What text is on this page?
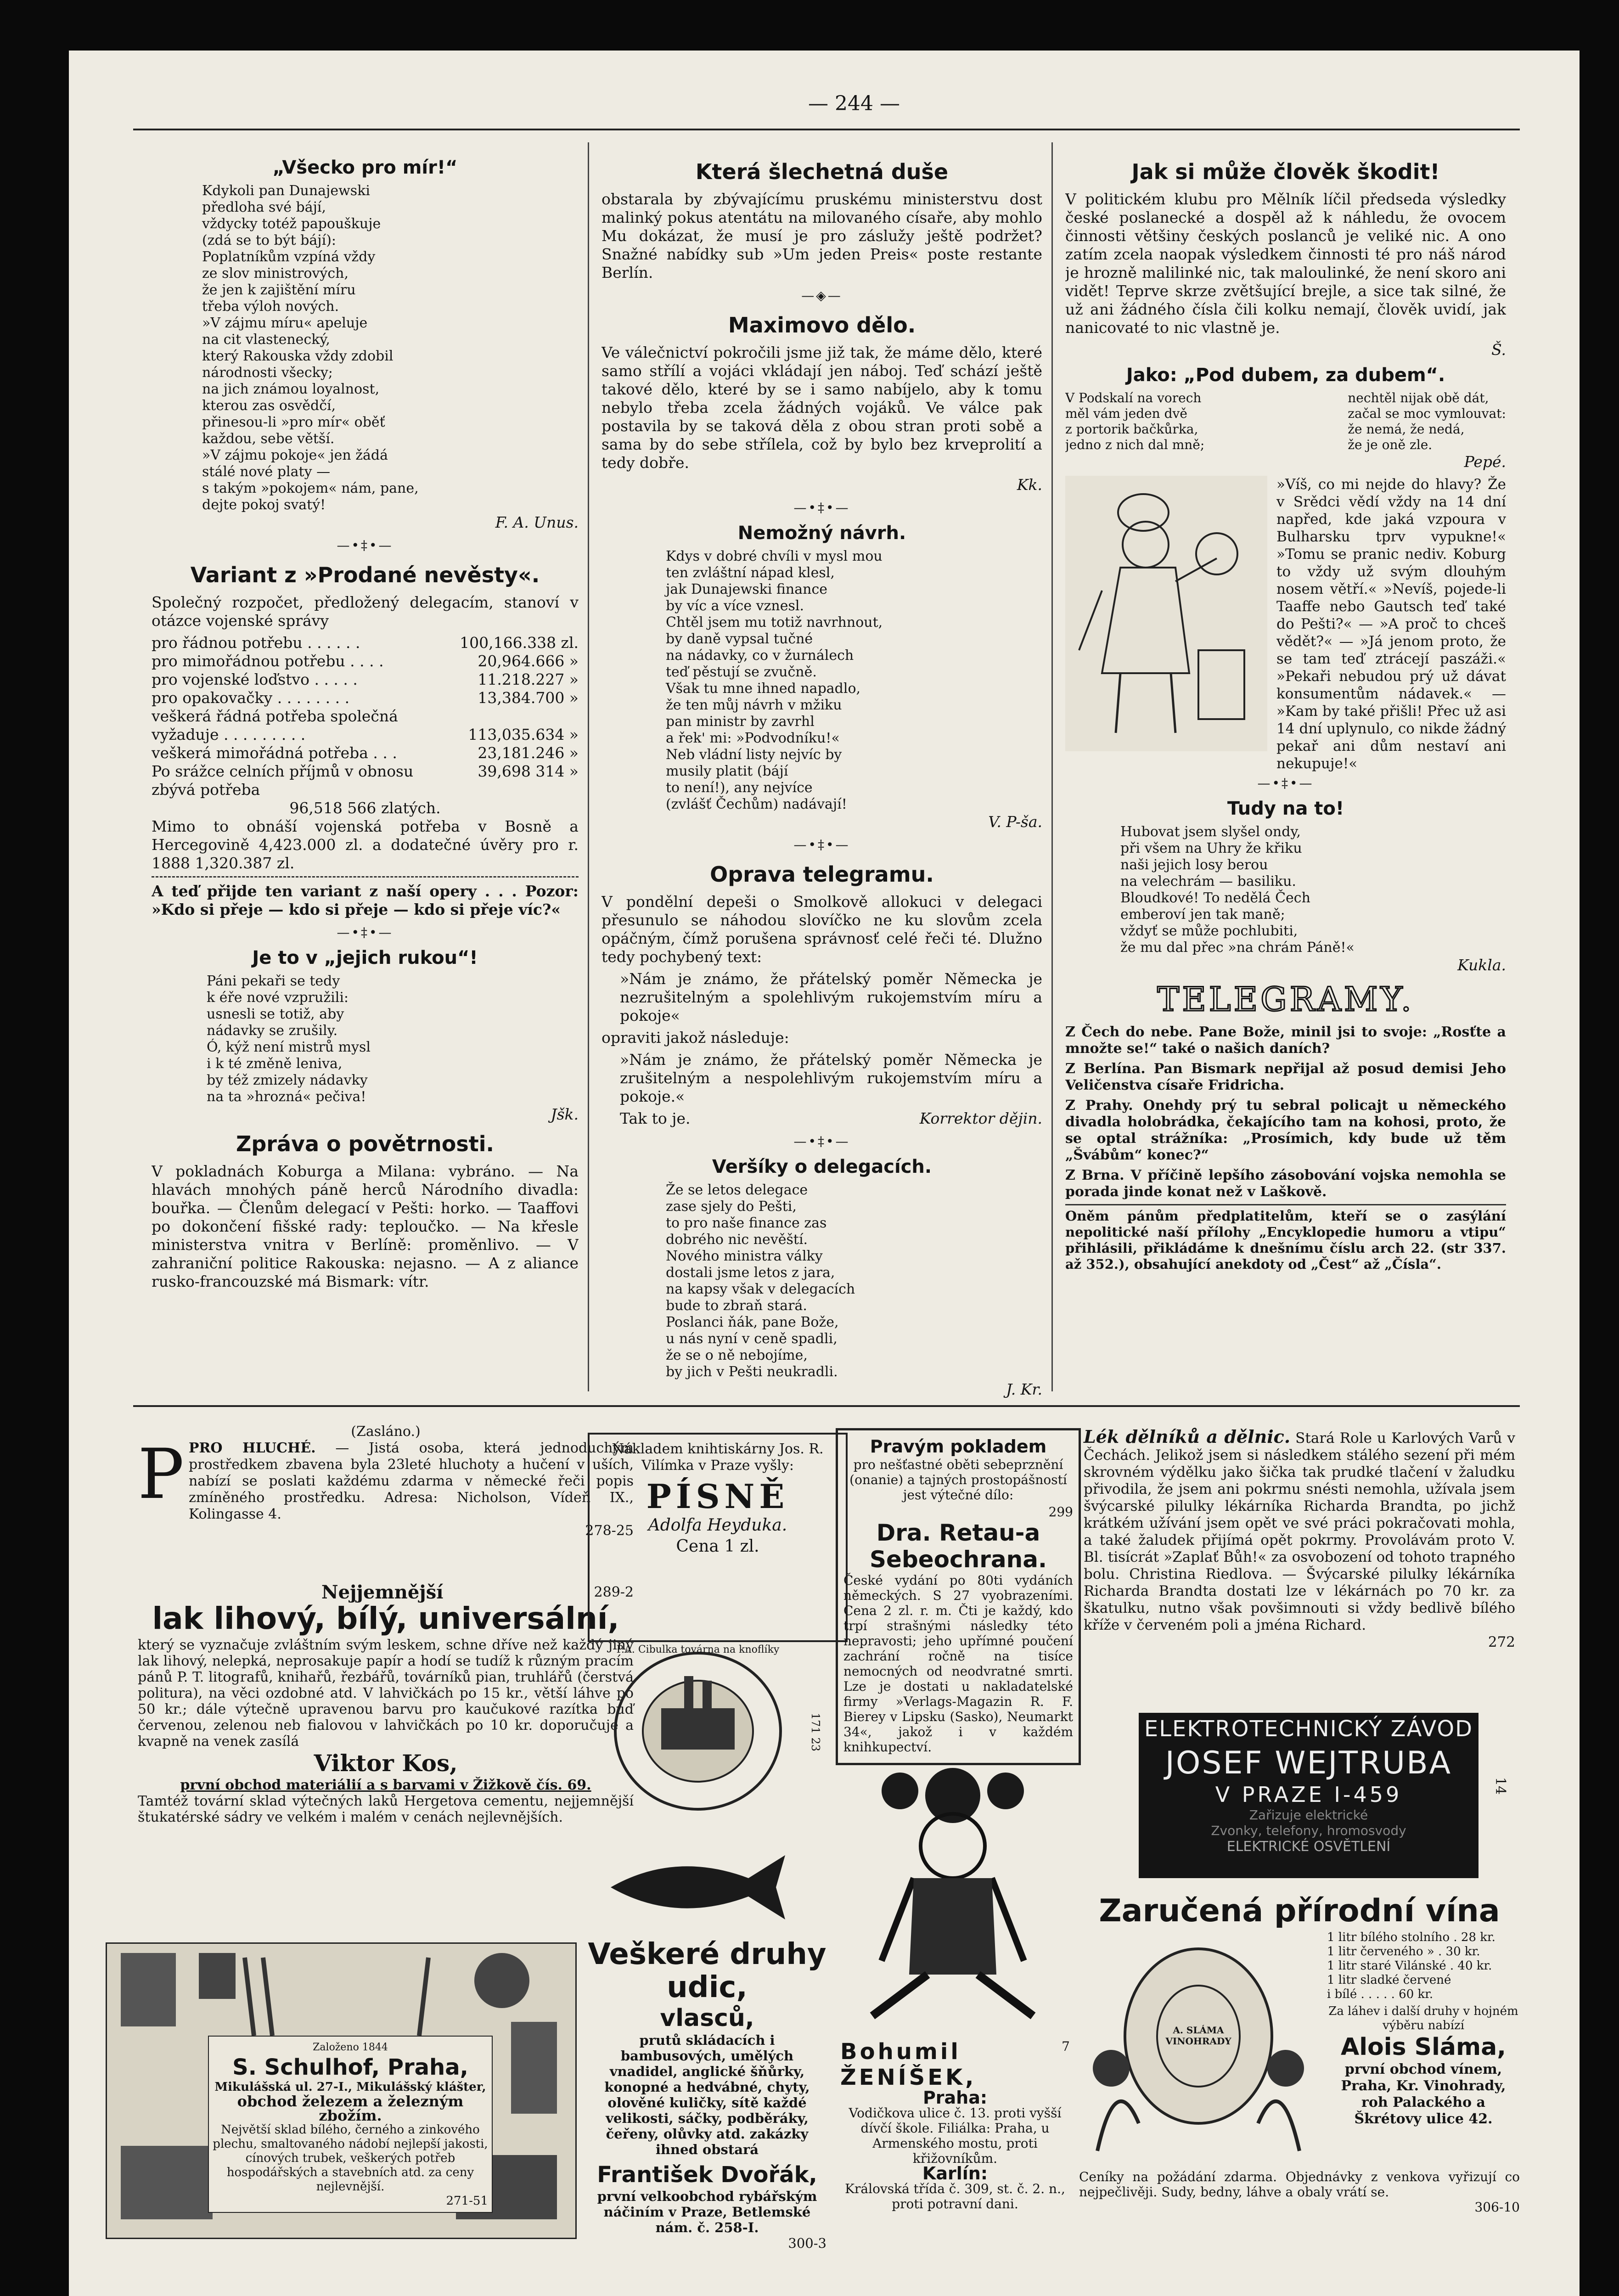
— 244 —
„Všecko pro mír!“

Kdykoli pan Dunajewski
předloha své bájí,
vždycky totéž papouškuje
(zdá se to být bájí):
Poplatníkům vzpíná vždy
ze slov ministrových,
že jen k zajištění míru
třeba výloh nových.
»V zájmu míru« apeluje
na cit vlastenecký,
který Rakouska vždy zdobil
národnosti všecky;
na jich známou loyalnost,
kterou zas osvědčí,
přinesou-li »pro mír« oběť
každou, sebe větší.
»V zájmu pokoje« jen žádá
stálé nové platy —
s takým »pokojem« nám, pane,
dejte pokoj svatý!

F. A. Unus.
—•‡•—
Variant z »Prodané nevěsty«.

Společný rozpočet, předložený delegacím, stanoví v otázce vojenské správy

pro řádnou potřebu . . . . . .	100,166.338 zl.
pro mimořádnou potřebu . . . .	20,964.666 »
pro vojenské loďstvo . . . . .	11.218.227 »
pro opakovačky . . . . . . . .	13,384.700 »
veškerá řádná potřeba společná vyžaduje . . . . . . . . .	113,035.634 »
veškerá mimořádná potřeba . . .	23,181.246 »
Po srážce celních příjmů v obnosu	39,698 314 »
zbývá potřeba
96,518 566 zlatých.

Mimo to obnáší vojenská potřeba v Bosně a Hercegovině 4,423.000 zl. a dodatečné úvěry pro r. 1888 1,320.387 zl.

A teď přijde ten variant z naší opery . . . Pozor: »Kdo si přeje — kdo si přeje — kdo si přeje víc?«

—•‡•—
Je to v „jejich rukou“!

Páni pekaři se tedy
k éře nové vzpružili:
usnesli se totiž, aby
nádavky se zrušily.
Ó, kýž není mistrů mysl
i k té změně leniva,
by též zmizely nádavky
na ta »hrozná« pečiva!

Jšk.
Zpráva o povětrnosti.

V pokladnách Koburga a Milana: vybráno. — Na hlavách mnohých páně herců Národního divadla: bouřka. — Členům delegací v Pešti: horko. — Taaffovi po dokončení fišské rady: teploučko. — Na křesle ministerstva vnitra v Berlíně: proměnlivo. — V zahraniční politice Rakouska: nejasno. — A z aliance rusko-francouzské má Bismark: vítr.

Která šlechetná duše

obstarala by zbývajícímu pruskému ministerstvu dost malinký pokus atentátu na milovaného císaře, aby mohlo Mu dokázat, že musí je pro záslužy ještě podržet? Snažné nabídky sub »Um jeden Preis« poste restante Berlín.

—◈—
Maximovo dělo.

Ve válečnictví pokročili jsme již tak, že máme dělo, které samo střílí a vojáci vkládají jen náboj. Teď schází ještě takové dělo, které by se i samo nabíjelo, aby k tomu nebylo třeba zcela žádných vojáků. Ve válce pak postavila by se taková děla z obou stran proti sobě a sama by do sebe střílela, což by bylo bez krveprolití a tedy dobře.

Kk.
—•‡•—
Nemožný návrh.

Kdys v dobré chvíli v mysl mou
ten zvláštní nápad klesl,
jak Dunajewski finance
by víc a více vznesl.
Chtěl jsem mu totiž navrhnout,
by daně vypsal tučné
na nádavky, co v žurnálech
teď pěstují se zvučně.
Však tu mne ihned napadlo,
že ten můj návrh v mžiku
pan ministr by zavrhl
a řek' mi: »Podvodníku!«
Neb vládní listy nejvíc by
musily platit (bájí
to není!), any nejvíce
(zvlášť Čechům) nadávají!

V. P-ša.
—•‡•—
Oprava telegramu.

V pondělní depeši o Smolkově allokuci v delegaci přesunulo se náhodou slovíčko ne ku slovům zcela opáčným, čímž porušena správnosť celé řeči té. Dlužno tedy pochybený text:

»Nám je známo, že přátelský poměr Německa je nezrušitelným a spolehlivým rukojemstvím míru a pokoje«

opraviti jakož následuje:

»Nám je známo, že přátelský poměr Německa je zrušitelným a nespolehlivým rukojemstvím míru a pokoje.«

Tak to je.	Korrektor dějin.
—•‡•—
Veršíky o delegacích.

Že se letos delegace
zase sjely do Pešti,
to pro naše finance zas
dobrého nic nevěští.
Nového ministra války
dostali jsme letos z jara,
na kapsy však v delegacích
bude to zbraň stará.
Poslanci ňák, pane Bože,
u nás nyní v ceně spadli,
že se o ně nebojíme,
by jich v Pešti neukradli.

J. Kr.
Jak si může člověk škodit!

V politickém klubu pro Mělník líčil předseda výsledky české poslanecké a dospěl až k náhledu, že ovocem činnosti většiny českých poslanců je veliké nic. A ono zatím zcela naopak výsledkem činnosti té pro náš národ je hrozně malilinké nic, tak maloulinké, že není skoro ani vidět! Teprve skrze zvětšující brejle, a sice tak silné, že už ani žádného čísla čili kolku nemají, člověk uvidí, jak nanicovaté to nic vlastně je.

Š.
Jako: „Pod dubem, za dubem“.

V Podskalí na vorech
měl vám jeden dvě
z portorik bačkůrka,
jedno z nich dal mně;

nechtěl nijak obě dát,
začal se moc vymlouvat:
že nemá, že nedá,
že je oně zle.

Pepé.

»Víš, co mi nejde do hlavy? Že v Srědci vědí vždy na 14 dní napřed, kde jaká vzpoura v Bulharsku tprv vypukne!« »Tomu se pranic nediv. Koburg to vždy už svým dlouhým nosem větří.« »Nevíš, pojede-li Taaffe nebo Gautsch teď také do Pešti?« — »A proč to chceš vědět?« — »Já jenom proto, že se tam teď ztrácejí paszáži.« »Pekaři nebudou prý už dávat konsumentům nádavek.« — »Kam by také přišli! Přec už asi 14 dní uplynulo, co nikde žádný pekař ani dům nestaví ani nekupuje!«

—•‡•—
Tudy na to!

Hubovat jsem slyšel ondy,
při všem na Uhry že křiku
naši jejich losy berou
na velechrám — basiliku.
Bloudkové! To nedělá Čech
emberoví jen tak maně;
vždyť se může pochlubiti,
že mu dal přec »na chrám Páně!«

Kukla.
TELEGRAMY.

Z Čech do nebe. Pane Bože, minil jsi to svoje: „Rosťte a množte se!“ také o našich daních?

Z Berlína. Pan Bismark nepřijal až posud demisi Jeho Veličenstva císaře Fridricha.

Z Prahy. Onehdy prý tu sebral policajt u německého divadla holobrádka, čekajícího tam na kohosi, proto, že se optal strážníka: „Prosímich, kdy bude už těm „Švábům“ konec?“

Z Brna. V příčině lepšího zásobování vojska nemohla se porada jinde konat než v Laškově.

Oněm pánům předplatitelům, kteří se o zasýlání nepolitické naší přílohy „Encyklopedie humoru a vtipu“ přihlásili, přikládáme k dnešnímu číslu arch 22. (str 337. až 352.), obsahující anekdoty od „Čest“ až „Čísla“.

(Zasláno.)
P PRO HLUCHÉ. — Jistá osoba, která jednoduchým prostředkem zbavena byla 23leté hluchoty a hučení v uších, nabízí se poslati každému zdarma v německé řeči popis zmíněného prostředku. Adresa: Nicholson, Vídeň IX., Kolingasse 4.

278-25
Nejjemnější	289-2
lak lihový, bílý, universální,

který se vyznačuje zvláštním svým leskem, schne dříve než každý jiný lak lihový, nelepká, neprosakuje papír a hodí se tudíž k různým pracím pánů P. T. litografů, knihařů, řezbářů, továrníků pian, truhlářů (čerstvá politura), na věci ozdobné atd. V lahvičkách po 15 kr., větší láhve po 50 kr.; dále výtečně upravenou barvu pro kaučukové razítka buď červenou, zelenou neb fialovou v lahvičkách po 10 kr. doporučuje a kvapně na venek zasílá

Viktor Kos,
první obchod materiálií a s barvami v Žižkově čís. 69.

Tamtéž tovární sklad výtečných laků Hergetova cementu, nejjemnější štukatérské sádry ve velkém i malém v cenách nejlevnějších.

Nákladem knihtiskárny Jos. R. Vilímka v Praze vyšly:

PÍSNĚ
Adolfa Heyduka.
Cena 1 zl.
P.A. Cibulka továrna na knoflíky
171 23
Veškeré druhy udic,
vlasců,

prutů skládacích i bambusových, umělých vnadidel, anglické šňůrky, konopné a hedvábné, chyty, olověné kuličky, sítě každé velikosti, sáčky, podběráky, čeřeny, olůvky atd. zakázky ihned obstará

František Dvořák,

první velkoobchod rybářským náčiním v Praze, Betlemské nám. č. 258-I.

300-3
Pravým pokladem

pro nešťastné oběti sebeprznění (onanie) a tajných prostopášností jest výtečné dílo:

299
Dra. Retau-a Sebeochrana.

České vydání po 80ti vydáních německých. S 27 vyobrazeními. Cena 2 zl. r. m. Čti je každý, kdo trpí strašnými následky této nepravosti; jeho upřímné poučení zachrání ročně na tisíce nemocných od neodvratné smrti. Lze je dostati u nakladatelské firmy »Verlags-Magazin R. F. Bierey v Lipsku (Sasko), Neumarkt 34«, jakož i v každém knihkupectví.

Bohumil ŽENÍŠEK,
7
Praha:

Vodičkova ulice č. 13. proti vyšší dívčí škole. Filiálka: Praha, u Armenského mostu, proti křižovníkům.

Karlín:

Královská třída č. 309, st. č. 2. n., proti potravní dani.

Lék dělníků a dělnic. Stará Role u Karlových Varů v Čechách. Jelikož jsem si následkem stálého sezení při mém skrovném výdělku jako šička tak prudké tlačení v žaludku přivodila, že jsem ani pokrmu snésti nemohla, užívala jsem švýcarské pilulky lékárníka Richarda Brandta, po jichž krátkém užívání jsem opět ve své práci pokračovati mohla, a také žaludek přijímá opět pokrmy. Provolávám proto V. Bl. tisícrát »Zaplať Bůh!« za osvobození od tohoto trapného bolu. Christina Riedlova. — Švýcarské pilulky lékárníka Richarda Brandta dostati lze v lékárnách po 70 kr. za škatulku, nutno však povšimnouti si vždy bedlivě bílého kříže v červeném poli a jména Richard.

272
ELEKTROTECHNICKÝ ZÁVOD
JOSEF WEJTRUBA
V PRAZE I-459
Zařizuje elektrické
Zvonky, telefony, hromosvody
ELEKTRICKÉ OSVĚTLENÍ
14
Založeno 1844
S. Schulhof, Praha,
Mikulášská ul. 27-I., Mikulášský klášter,
obchod železem a železným zbožím.
Největší sklad bílého, černého a zinkového plechu, smaltovaného nádobí nejlepší jakosti, cínových trubek, veškerých potřeb hospodářských a stavebních atd. za ceny nejlevnější.
271-51
Zaručená přírodní vína
A. SLÁMA VINOHRADY
1 litr bílého stolního . 28 kr.
1 litr červeného » . 30 kr.
1 litr staré Vilánské . 40 kr.
1 litr sladké červené
i bílé . . . . . 60 kr.
Za láhev i další druhy v hojném výběru nabízí
Alois Sláma,
první obchod vínem, Praha, Kr. Vinohrady, roh Palackého a Škrétovy ulice 42.

Ceníky na požádání zdarma. Objednávky z venkova vyřizují co nejpečlivěji. Sudy, bedny, láhve a obaly vrátí se.

306-10
